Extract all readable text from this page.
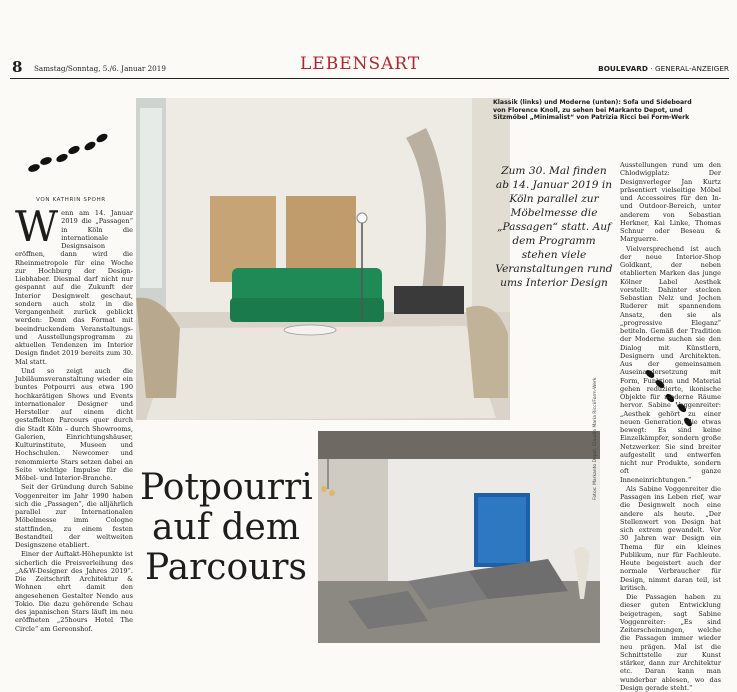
8 Samstag/Sonntag, 5./6. Januar 2019	LEBENSART	BOULEVARD · GENERAL-ANZEIGER
VON KATHRIN SPOHR
W enn am 14. Januar 2019 die „Passagen“ in Köln die internationale Designsaison eröffnen, dann wird die Rheinmetropole für eine Woche zur Hochburg der Design-Liebhaber. Diesmal darf nicht nur gespannt auf die Zukunft der Interior Designwelt geschaut, sondern auch stolz in die Vergangenheit zurück geblickt werden: Denn das Format mit beeindruckendem Veranstaltungs- und Ausstellungsprogramm zu aktuellen Tendenzen im Interior Design findet 2019 bereits zum 30. Mal statt.

Und so zeigt auch die Jubiläumsveranstaltung wieder ein buntes Potpourri aus etwa 190 hochkarätigen Shows und Events internationaler Designer und Hersteller auf einem dicht gestaffelten Parcours quer durch die Stadt Köln – durch Showrooms, Galerien, Einrichtungshäuser, Kulturinstitute, Museen und Hochschulen. Newcomer und renommierte Stars setzen dabei an Seite wichtige Impulse für die Möbel- und Interior-Branche.

Seit der Gründung durch Sabine Voggenreiter im Jahr 1990 haben sich die „Passagen“, die alljährlich parallel zur Internationalen Möbelmesse imm Cologne stattfinden, zu einem festen Bestandteil der weltweiten Designszene etabliert.

Einer der Auftakt-Höhepunkte ist sicherlich die Preisverleihung des „A&W-Designer des Jahres 2019“. Die Zeitschrift Architektur & Wohnen ehrt damit den angesehenen Gestalter Nendo aus Tokio. Die dazu gehörende Schau des japanischen Stars läuft im neu eröffneten „25hours Hotel The Circle“ am Gereonshof.

Klassik (links) und Moderne (unten): Sofa und Sideboard von Florence Knoll, zu sehen bei Markanto Depot, und Sitzmöbel „Minimalist“ von Patrizia Ricci bei Form-Werk
Zum 30. Mal finden ab 14. Januar 2019 in Köln parallel zur Möbelmesse die „Passagen“ statt. Auf dem Programm stehen viele Veranstaltungen rund ums Interior Design

Ausstellungen rund um den Chlodwigplatz: Der Designverleger Jan Kurtz präsentiert vielseitige Möbel und Accessoires für den In- und Outdoor-Bereich, unter anderem von Sebastian Herkner, Kai Linke, Thomas Schnur oder Beseau & Marguerre.

Vielversprechend ist auch der neue Interior-Shop Goldkant, der neben etablierten Marken das junge Kölner Label Aesthek vorstellt: Dahinter stecken Sebastian Nelz und Jochen Ruderer mit spannendem Ansatz, den sie als „progressive Eleganz“ betiteln. Gemäß der Tradition der Moderne suchen sie den Dialog mit Künstlern, Designern und Architekten. Aus der gemeinsamen Auseinandersetzung mit Form, Funktion und Material gehen reduzierte, ikonische Objekte für moderne Räume hervor. Sabine Voggenreiter: „Aesthek gehört zu einer neuen Generation, die etwas bewegt: Es sind keine Einzelkämpfer, sondern große Netzwerker. Sie sind breiter aufgestellt und entwerfen nicht nur Produkte, sondern oft ganze Inneneinrichtungen.“

Als Sabine Voggenreiter die Passagen ins Leben rief, war die Designwelt noch eine andere als heute. „Der Stellenwert von Design hat sich extrem gewandelt. Vor 30 Jahren war Design ein Thema für ein kleines Publikum, nur für Fachleute. Heute begeistert auch der normale Verbraucher für Design, nimmt daran teil, ist kritisch.

Die Passagen haben zu dieser guten Entwicklung beigetragen, sagt Sabine Voggenreiter: „Es sind Zeiterscheinungen, welche die Passagen immer wieder neu prägen. Mal ist die Schnittstelle zur Kunst stärker, dann zur Architektur etc. Daran kann man wunderbar ablesen, wo das Design gerade steht.“

Potpourri
auf dem
Parcours
Fotos: Markanto Depot, Claudia Maria Ricci/Form-Werk
